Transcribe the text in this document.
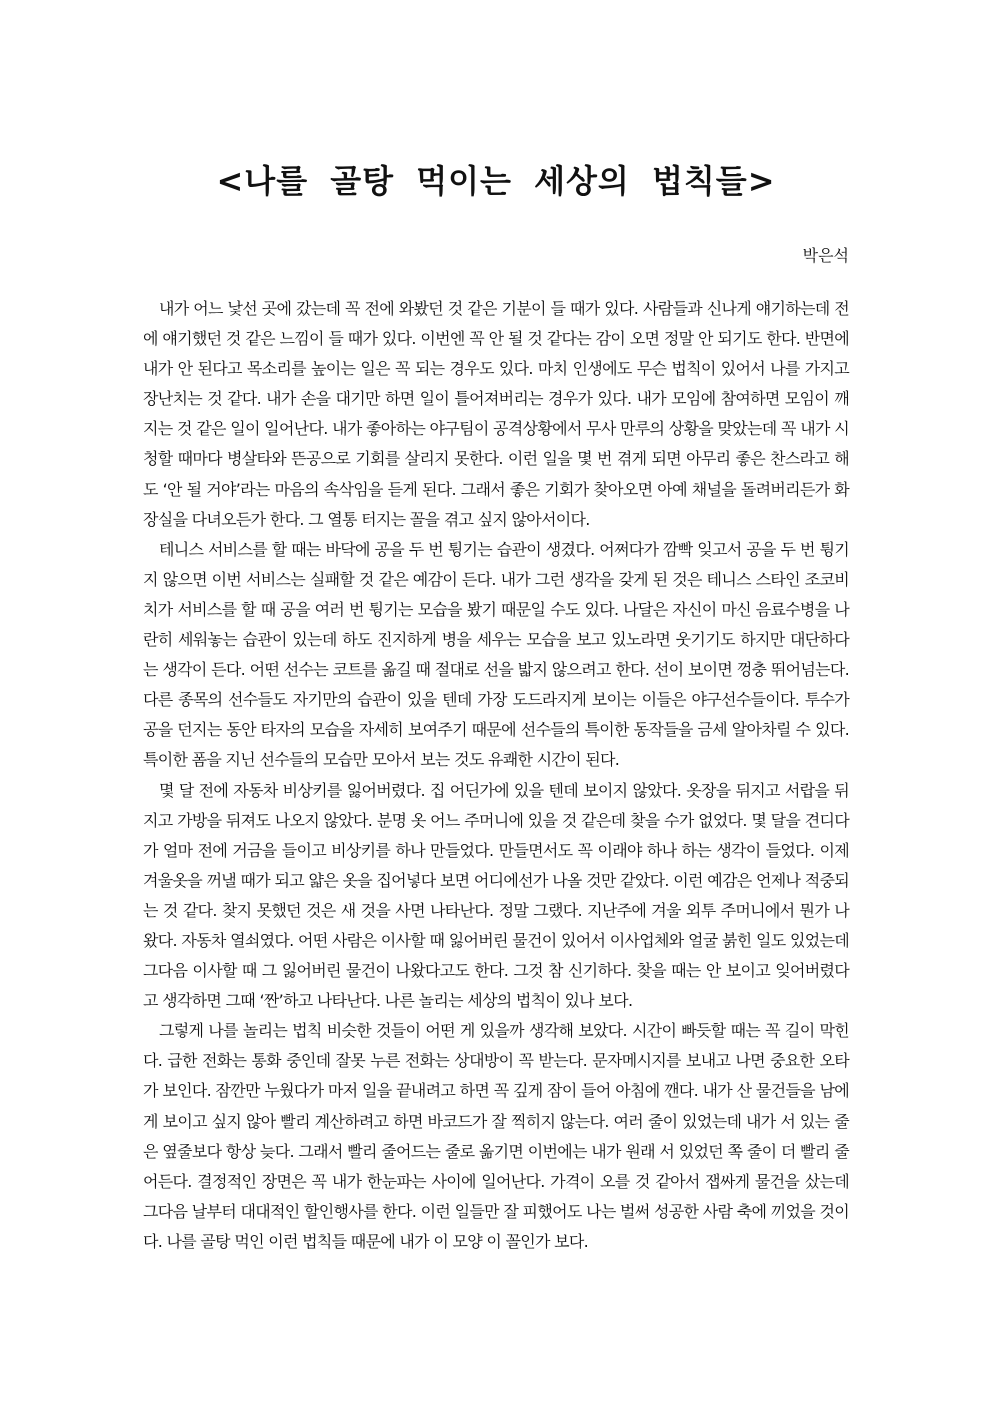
<나를 골탕 먹이는 세상의 법칙들>
박은석

내가 어느 낯선 곳에 갔는데 꼭 전에 와봤던 것 같은 기분이 들 때가 있다. 사람들과 신나게 얘기하는데 전에 얘기했던 것 같은 느낌이 들 때가 있다. 이번엔 꼭 안 될 것 같다는 감이 오면 정말 안 되기도 한다. 반면에 내가 안 된다고 목소리를 높이는 일은 꼭 되는 경우도 있다. 마치 인생에도 무슨 법칙이 있어서 나를 가지고 장난치는 것 같다. 내가 손을 대기만 하면 일이 틀어져버리는 경우가 있다. 내가 모임에 참여하면 모임이 깨지는 것 같은 일이 일어난다. 내가 좋아하는 야구팀이 공격상황에서 무사 만루의 상황을 맞았는데 꼭 내가 시청할 때마다 병살타와 뜬공으로 기회를 살리지 못한다. 이런 일을 몇 번 겪게 되면 아무리 좋은 찬스라고 해도 ‘안 될 거야’라는 마음의 속삭임을 듣게 된다. 그래서 좋은 기회가 찾아오면 아예 채널을 돌려버리든가 화장실을 다녀오든가 한다. 그 열통 터지는 꼴을 겪고 싶지 않아서이다.

테니스 서비스를 할 때는 바닥에 공을 두 번 튕기는 습관이 생겼다. 어쩌다가 깜빡 잊고서 공을 두 번 튕기지 않으면 이번 서비스는 실패할 것 같은 예감이 든다. 내가 그런 생각을 갖게 된 것은 테니스 스타인 조코비치가 서비스를 할 때 공을 여러 번 튕기는 모습을 봤기 때문일 수도 있다. 나달은 자신이 마신 음료수병을 나란히 세워놓는 습관이 있는데 하도 진지하게 병을 세우는 모습을 보고 있노라면 웃기기도 하지만 대단하다는 생각이 든다. 어떤 선수는 코트를 옮길 때 절대로 선을 밟지 않으려고 한다. 선이 보이면 껑충 뛰어넘는다. 다른 종목의 선수들도 자기만의 습관이 있을 텐데 가장 도드라지게 보이는 이들은 야구선수들이다. 투수가 공을 던지는 동안 타자의 모습을 자세히 보여주기 때문에 선수들의 특이한 동작들을 금세 알아차릴 수 있다. 특이한 폼을 지닌 선수들의 모습만 모아서 보는 것도 유쾌한 시간이 된다.

몇 달 전에 자동차 비상키를 잃어버렸다. 집 어딘가에 있을 텐데 보이지 않았다. 옷장을 뒤지고 서랍을 뒤지고 가방을 뒤져도 나오지 않았다. 분명 옷 어느 주머니에 있을 것 같은데 찾을 수가 없었다. 몇 달을 견디다가 얼마 전에 거금을 들이고 비상키를 하나 만들었다. 만들면서도 꼭 이래야 하나 하는 생각이 들었다. 이제 겨울옷을 꺼낼 때가 되고 얇은 옷을 집어넣다 보면 어디에선가 나올 것만 같았다. 이런 예감은 언제나 적중되는 것 같다. 찾지 못했던 것은 새 것을 사면 나타난다. 정말 그랬다. 지난주에 겨울 외투 주머니에서 뭔가 나왔다. 자동차 열쇠였다. 어떤 사람은 이사할 때 잃어버린 물건이 있어서 이사업체와 얼굴 붉힌 일도 있었는데 그다음 이사할 때 그 잃어버린 물건이 나왔다고도 한다. 그것 참 신기하다. 찾을 때는 안 보이고 잊어버렸다고 생각하면 그때 ‘짠’하고 나타난다. 나른 놀리는 세상의 법칙이 있나 보다.

그렇게 나를 놀리는 법칙 비슷한 것들이 어떤 게 있을까 생각해 보았다. 시간이 빠듯할 때는 꼭 길이 막힌다. 급한 전화는 통화 중인데 잘못 누른 전화는 상대방이 꼭 받는다. 문자메시지를 보내고 나면 중요한 오타가 보인다. 잠깐만 누웠다가 마저 일을 끝내려고 하면 꼭 깊게 잠이 들어 아침에 깬다. 내가 산 물건들을 남에게 보이고 싶지 않아 빨리 계산하려고 하면 바코드가 잘 찍히지 않는다. 여러 줄이 있었는데 내가 서 있는 줄은 옆줄보다 항상 늦다. 그래서 빨리 줄어드는 줄로 옮기면 이번에는 내가 원래 서 있었던 쪽 줄이 더 빨리 줄어든다. 결정적인 장면은 꼭 내가 한눈파는 사이에 일어난다. 가격이 오를 것 같아서 잽싸게 물건을 샀는데 그다음 날부터 대대적인 할인행사를 한다. 이런 일들만 잘 피했어도 나는 벌써 성공한 사람 축에 끼었을 것이다. 나를 골탕 먹인 이런 법칙들 때문에 내가 이 모양 이 꼴인가 보다.
